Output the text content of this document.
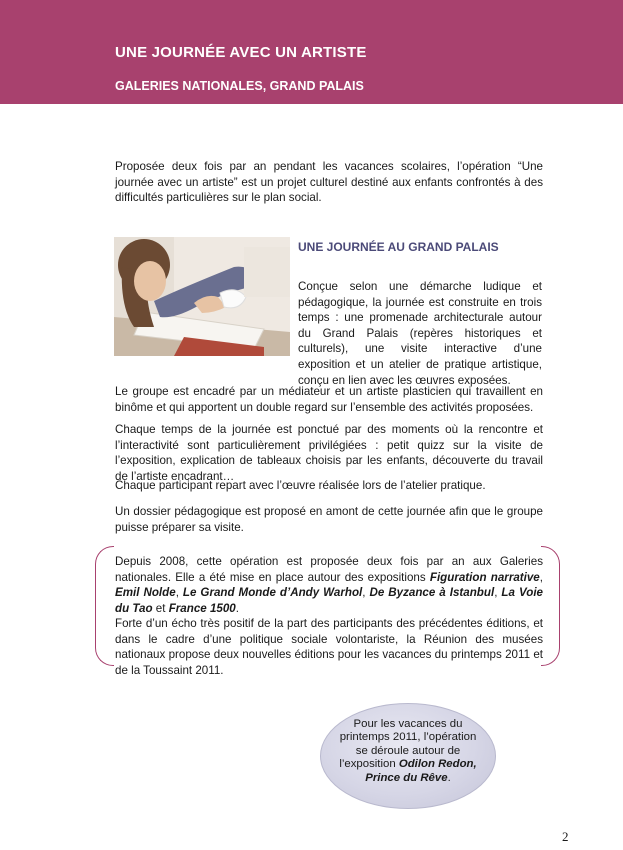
UNE JOURNÉE AVEC UN ARTISTE
GALERIES NATIONALES, GRAND PALAIS

Proposée deux fois par an pendant les vacances scolaires, l’opération “Une journée avec un artiste” est un projet culturel destiné aux enfants confrontés à des difficultés particulières sur le plan social.

UNE JOURNÉE AU GRAND PALAIS

Conçue selon une démarche ludique et pédagogique, la journée est construite en trois temps : une promenade architecturale autour du Grand Palais (repères historiques et culturels), une visite interactive d’une exposition et un atelier de pratique artistique, conçu en lien avec les œuvres exposées.

Le groupe est encadré par un médiateur et un artiste plasticien qui travaillent en binôme et qui apportent un double regard sur l’ensemble des activités proposées.

Chaque temps de la journée est ponctué par des moments où la rencontre et l’interactivité sont particulièrement privilégiées : petit quizz sur la visite de l’exposition, explication de tableaux choisis par les enfants, découverte du travail de l’artiste encadrant…

Chaque participant repart avec l’œuvre réalisée lors de l’atelier pratique.

Un dossier pédagogique est proposé en amont de cette journée afin que le groupe puisse préparer sa visite.

Depuis 2008, cette opération est proposée deux fois par an aux Galeries nationales. Elle a été mise en place autour des expositions Figuration narrative, Emil Nolde, Le Grand Monde d’Andy Warhol, De Byzance à Istanbul, La Voie du Tao et France 1500.

Forte d’un écho très positif de la part des participants des précédentes éditions, et dans le cadre d’une politique sociale volontariste, la Réunion des musées nationaux propose deux nouvelles éditions pour les vacances du printemps 2011 et de la Toussaint 2011.

Pour les vacances du printemps 2011, l’opération se déroule autour de l’exposition Odilon Redon, Prince du Rêve.

2
